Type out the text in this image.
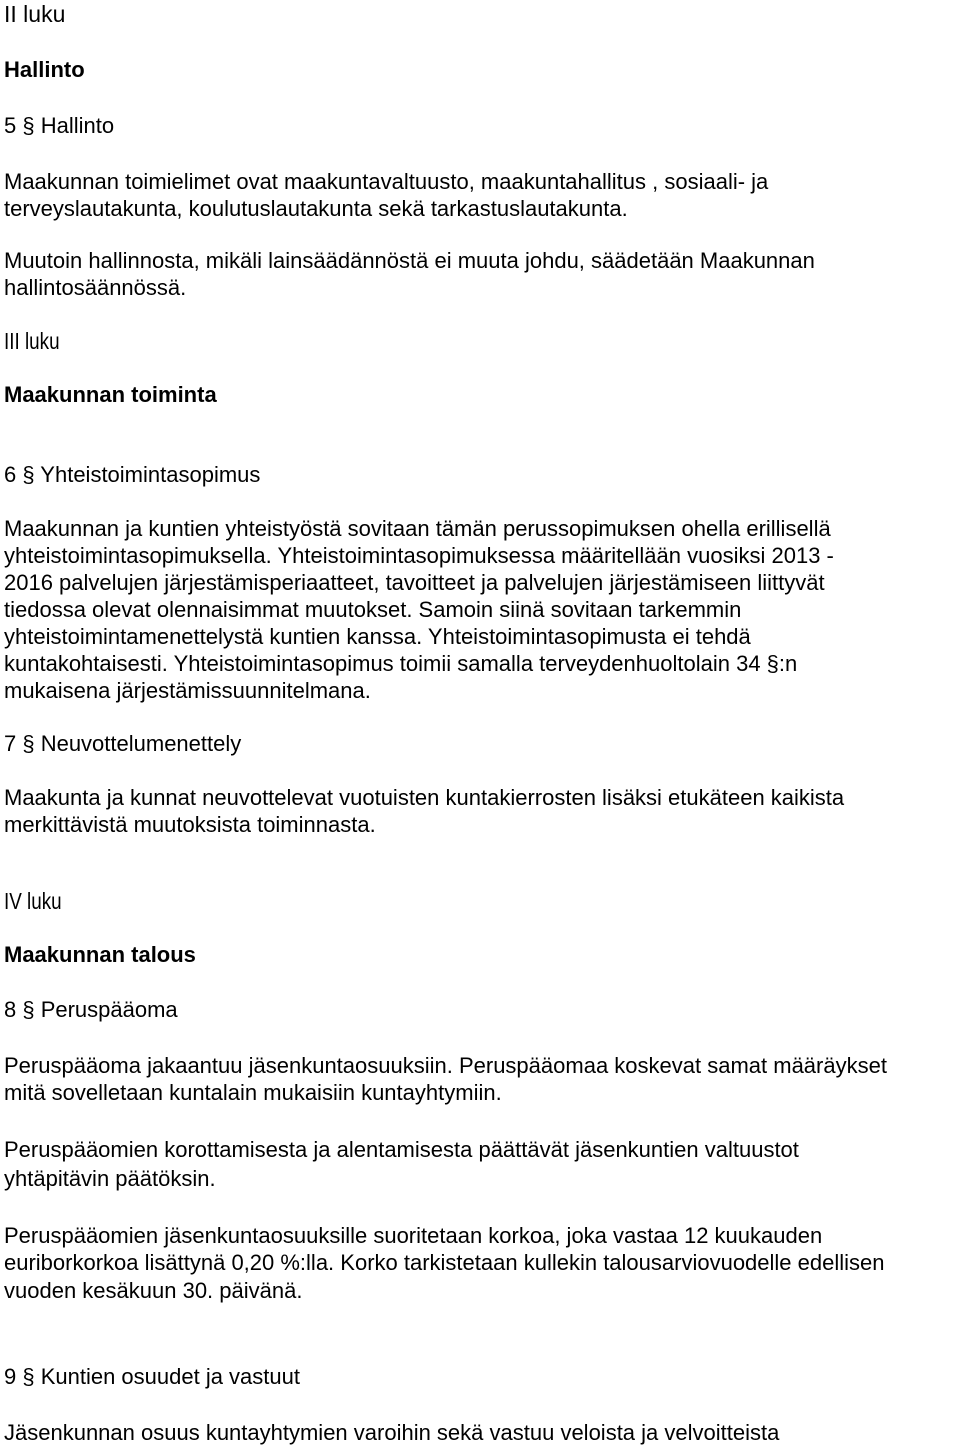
II luku
Hallinto
5 § Hallinto
Maakunnan toimielimet ovat maakuntavaltuusto, maakuntahallitus , sosiaali- ja
terveyslautakunta, koulutuslautakunta sekä tarkastuslautakunta.
Muutoin hallinnosta, mikäli lainsäädännöstä ei muuta johdu, säädetään Maakunnan
hallintosäännössä.
III luku
Maakunnan toiminta
6 § Yhteistoimintasopimus
Maakunnan ja kuntien yhteistyöstä sovitaan tämän perussopimuksen ohella erillisellä
yhteistoimintasopimuksella. Yhteistoimintasopimuksessa määritellään vuosiksi 2013 -
2016 palvelujen järjestämisperiaatteet, tavoitteet ja palvelujen järjestämiseen liittyvät
tiedossa olevat olennaisimmat muutokset. Samoin siinä sovitaan tarkemmin
yhteistoimintamenettelystä kuntien kanssa. Yhteistoimintasopimusta ei tehdä
kuntakohtaisesti. Yhteistoimintasopimus toimii samalla terveydenhuoltolain 34 §:n
mukaisena järjestämissuunnitelmana.
7 § Neuvottelumenettely
Maakunta ja kunnat neuvottelevat vuotuisten kuntakierrosten lisäksi etukäteen kaikista
merkittävistä muutoksista toiminnasta.
IV luku
Maakunnan talous
8 § Peruspääoma
Peruspääoma jakaantuu jäsenkuntaosuuksiin. Peruspääomaa koskevat samat määräykset
mitä sovelletaan kuntalain mukaisiin kuntayhtymiin.
Peruspääomien korottamisesta ja alentamisesta päättävät jäsenkuntien valtuustot
yhtäpitävin päätöksin.
Peruspääomien jäsenkuntaosuuksille suoritetaan korkoa, joka vastaa 12 kuukauden
euriborkorkoa lisättynä 0,20 %:lla. Korko tarkistetaan kullekin talousarviovuodelle edellisen
vuoden kesäkuun 30. päivänä.
9 § Kuntien osuudet ja vastuut
Jäsenkunnan osuus kuntayhtymien varoihin sekä vastuu veloista ja velvoitteista
